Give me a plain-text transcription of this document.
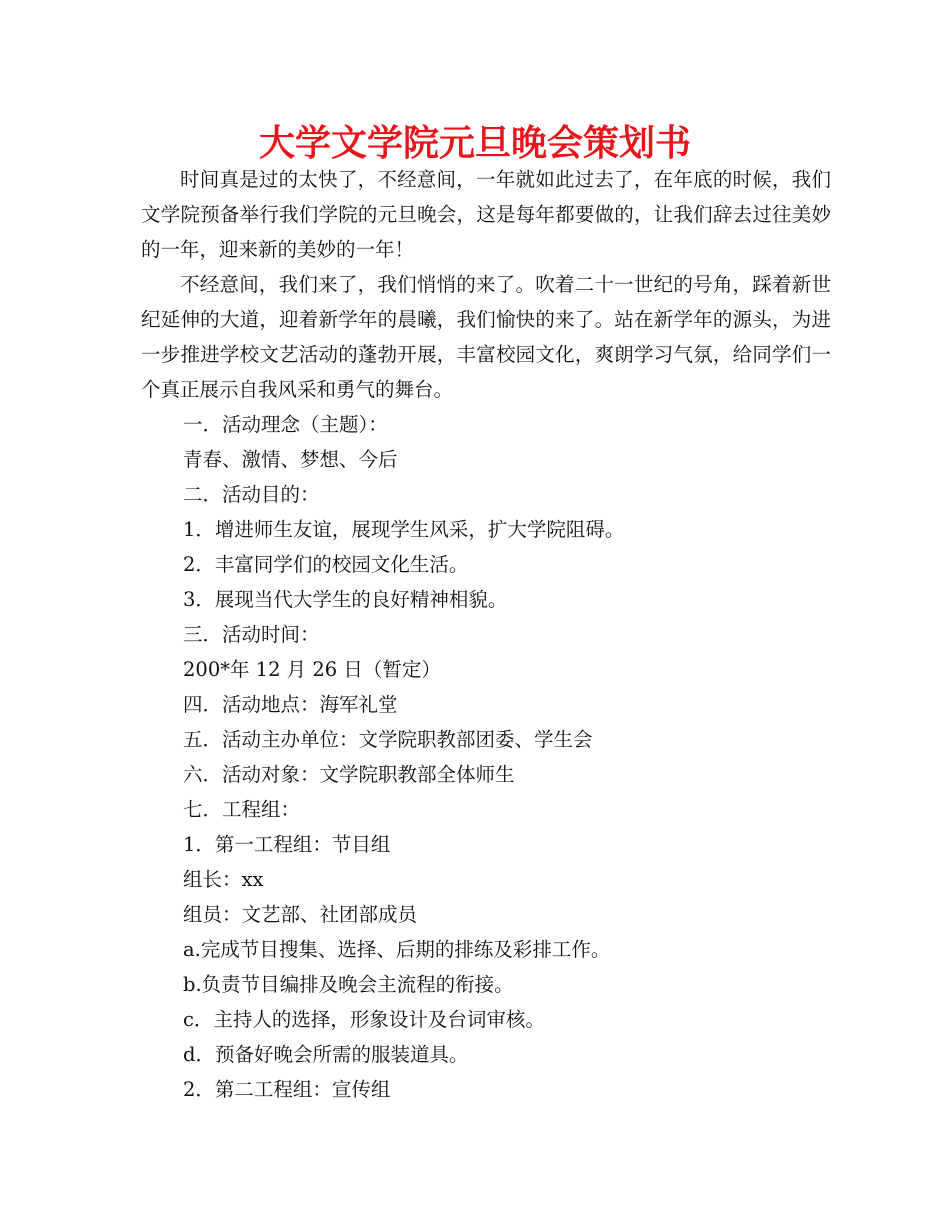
大学文学院元旦晚会策划书

时间真是过的太快了，不经意间，一年就如此过去了，在年底的时候，我们文学院预备举行我们学院的元旦晚会，这是每年都要做的，让我们辞去过往美妙的一年，迎来新的美妙的一年！

不经意间，我们来了，我们悄悄的来了。吹着二十一世纪的号角，踩着新世纪延伸的大道，迎着新学年的晨曦，我们愉快的来了。站在新学年的源头，为进一步推进学校文艺活动的蓬勃开展，丰富校园文化，爽朗学习气氛，给同学们一个真正展示自我风采和勇气的舞台。

一．活动理念（主题）：

青春、激情、梦想、今后

二．活动目的：

1．增进师生友谊，展现学生风采，扩大学院阻碍。

2．丰富同学们的校园文化生活。

3．展现当代大学生的良好精神相貌。

三．活动时间：

200*年 12 月 26 日（暂定）

四．活动地点：海军礼堂

五．活动主办单位：文学院职教部团委、学生会

六．活动对象：文学院职教部全体师生

七．工程组：

1．第一工程组：节目组

组长：xx

组员：文艺部、社团部成员

a.完成节目搜集、选择、后期的排练及彩排工作。

b.负责节目编排及晚会主流程的衔接。

c．主持人的选择，形象设计及台词审核。

d．预备好晚会所需的服装道具。

2．第二工程组：宣传组
